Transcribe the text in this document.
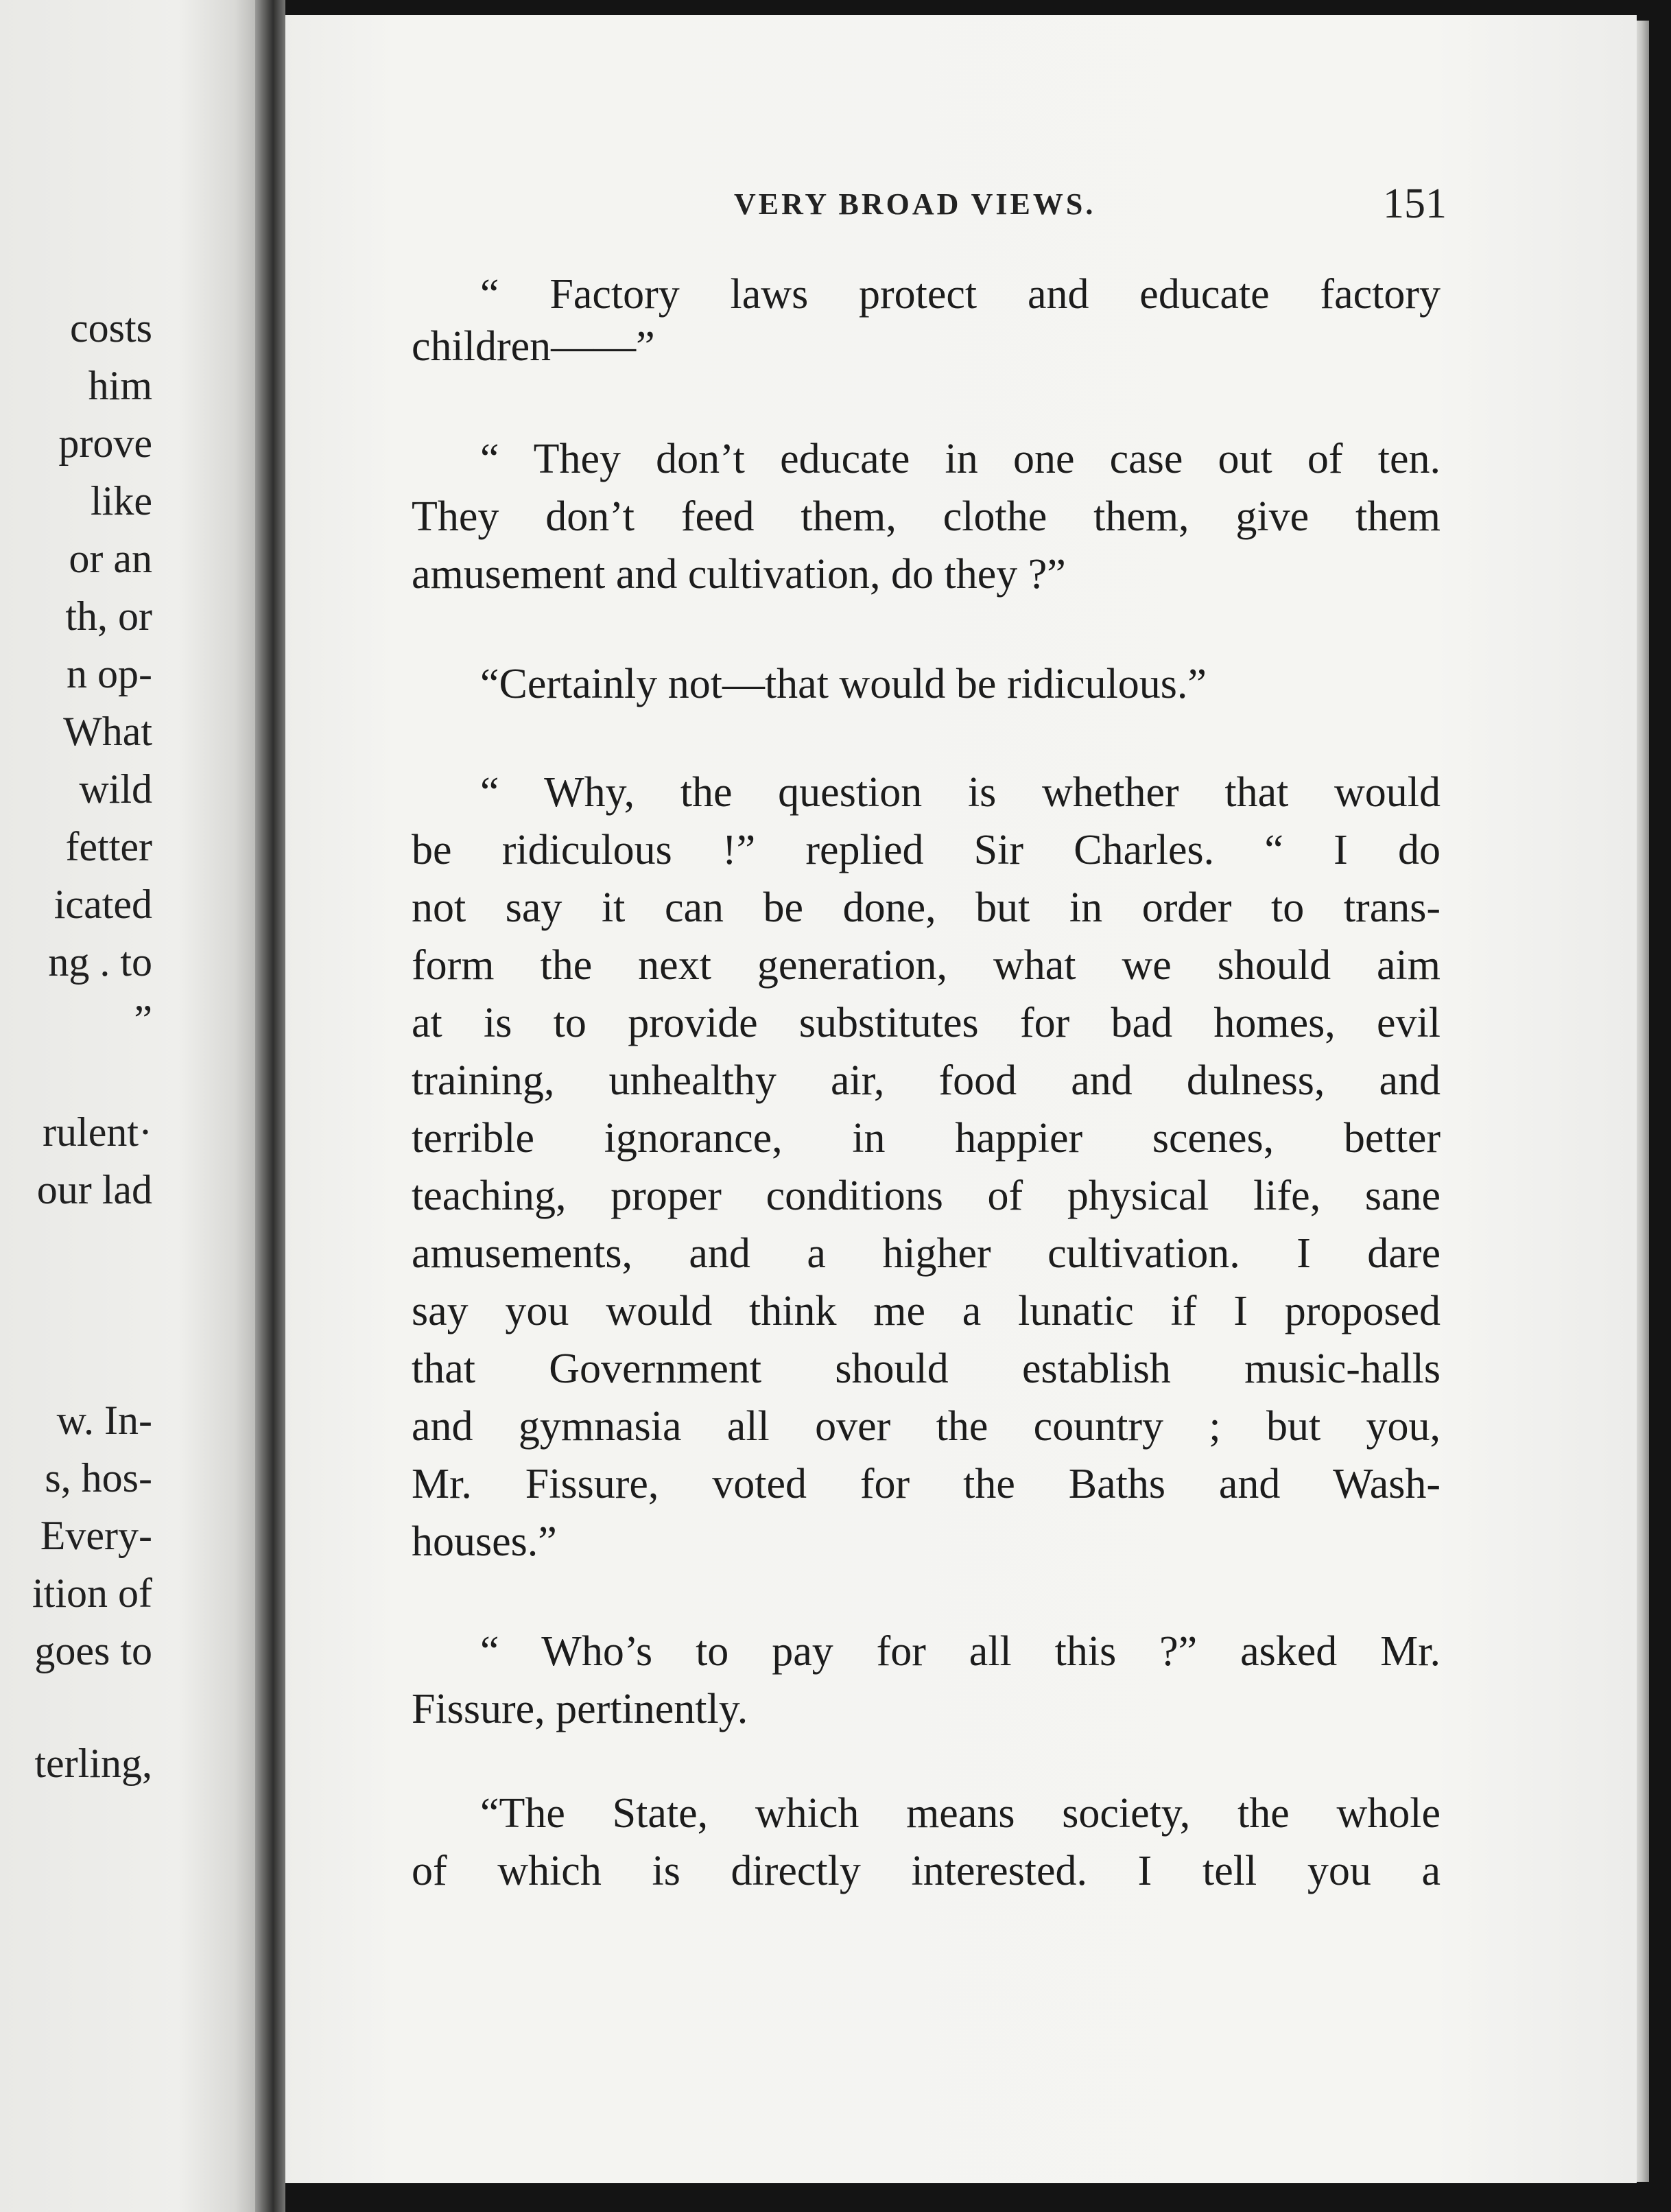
costs
him
prove
like
or an
th, or
n op-
What
wild
fetter
icated
ng . to
”
rulent·
our lad
w. In-
s, hos-
Every-
ition of
goes to
terling,
VERY BROAD VIEWS.	151
“ Factory laws protect and educate factory
children——”
“ They don’t educate in one case out of ten.
They don’t feed them, clothe them, give them
amusement and cultivation, do they ?”
“Certainly not—that would be ridiculous.”
“ Why, the question is whether that would
be ridiculous !” replied Sir Charles. “ I do
not say it can be done, but in order to trans-
form the next generation, what we should aim
at is to provide substitutes for bad homes, evil
training, unhealthy air, food and dulness, and
terrible ignorance, in happier scenes, better
teaching, proper conditions of physical life, sane
amusements, and a higher cultivation. I dare
say you would think me a lunatic if I proposed
that Government should establish music-halls
and gymnasia all over the country ; but you,
Mr. Fissure, voted for the Baths and Wash-
houses.”
“ Who’s to pay for all this ?” asked Mr.
Fissure, pertinently.
“The State, which means society, the whole
of which is directly interested. I tell you a
